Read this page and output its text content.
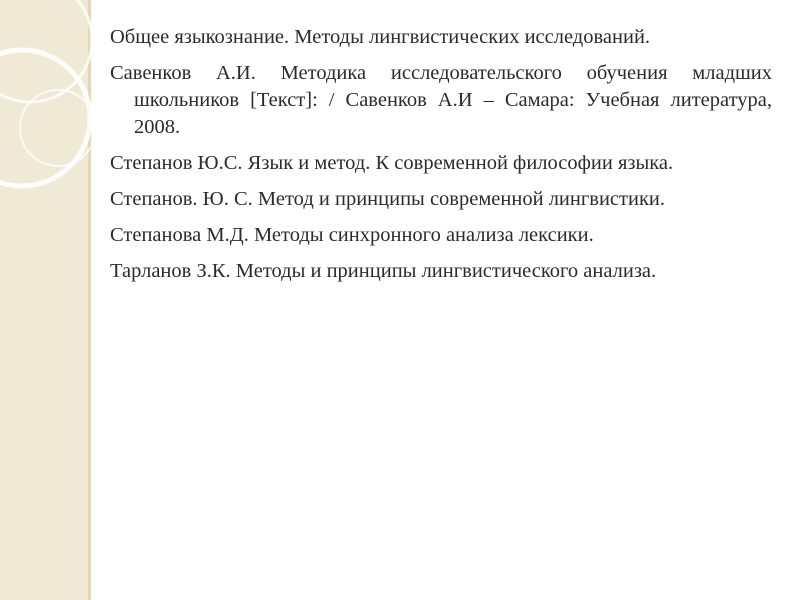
Общее языкознание. Методы лингвистических исследований.

Савенков А.И. Методика исследовательского обучения младших школьников [Текст]: / Савенков А.И – Самара: Учебная литература, 2008.

Степанов Ю.С. Язык и метод. К современной философии языка.

Степанов. Ю. С. Метод и принципы современной лингвистики.

Степанова М.Д. Методы синхронного анализа лексики.

Тарланов З.К. Методы и принципы лингвистического анализа.
